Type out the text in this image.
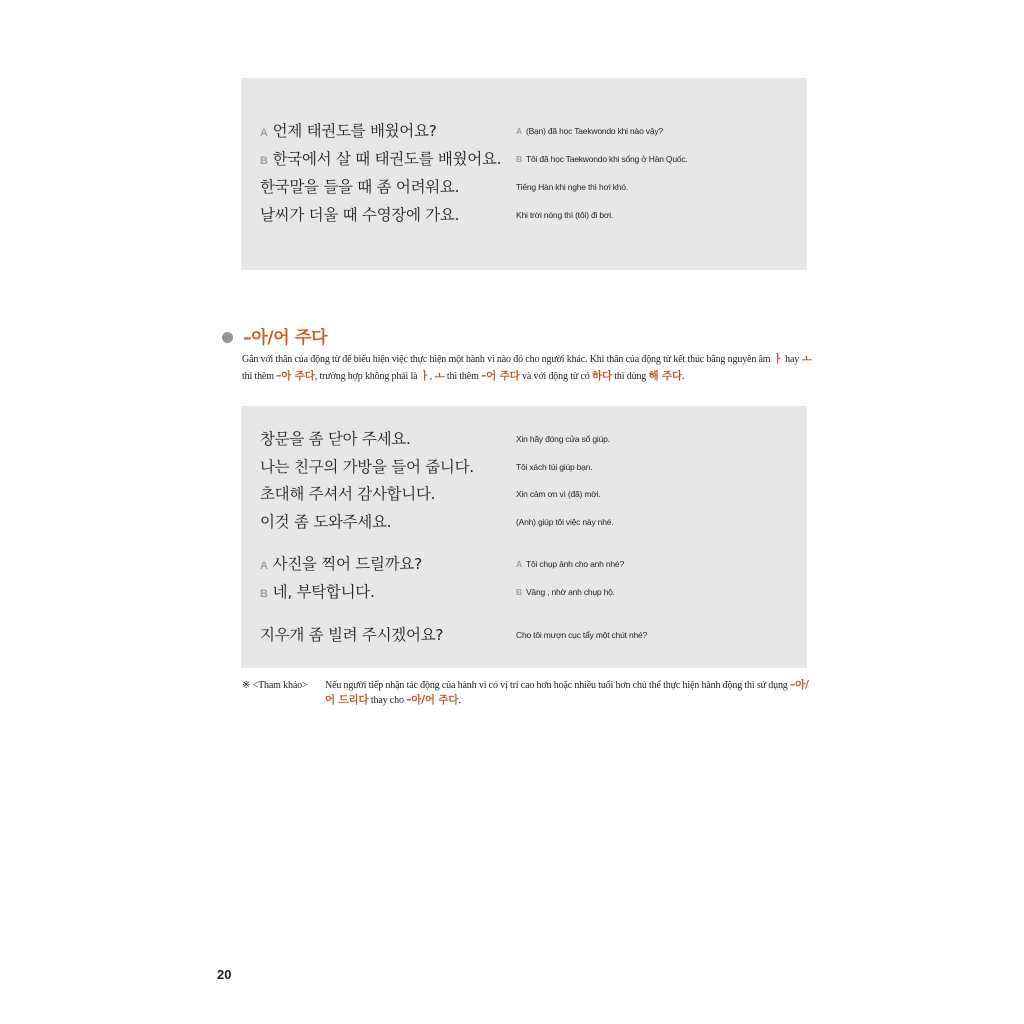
A 언제 태권도를 배웠어요?	A (Bạn) đã học Taekwondo khi nào vậy?
B 한국에서 살 때 태권도를 배웠어요. B Tôi đã học Taekwondo khi sống ở Hàn Quốc.
한국말을 들을 때 좀 어려워요.	Tiếng Hàn khi nghe thì hơi khó.
날씨가 더울 때 수영장에 가요.	Khi trời nóng thì (tôi) đi bơi.
–아/어 주다
Gắn với thân của động từ để biểu hiện việc thực hiện một hành vi nào đó cho người khác. Khi thân của động từ kết thúc bằng nguyên âm ㅏ hay ㅗ thì thêm –아 주다, trường hợp không phải là ㅏ, ㅗ thì thêm –어 주다 và với động từ có 하다 thì dùng 해 주다.
창문을 좀 닫아 주세요.	Xin hãy đóng cửa sổ giúp.
나는 친구의 가방을 들어 줍니다.	Tôi xách túi giúp bạn.
초대해 주셔서 감사합니다.	Xin cảm ơn vì (đã) mời.
이것 좀 도와주세요.	(Anh) giúp tôi việc này nhé.
A 사진을 찍어 드릴까요?	A Tôi chụp ảnh cho anh nhé?
B 네, 부탁합니다.	B Vâng , nhờ anh chụp hộ.
지우개 좀 빌려 주시겠어요?	Cho tôi mượn cục tẩy một chút nhé?
※ <Tham khảo> Nếu người tiếp nhận tác động của hành vi có vị trí cao hơn hoặc nhiều tuổi hơn chủ thể thực hiện hành động thì sử dụng –아/어 드리다 thay cho –아/어 주다.
20
